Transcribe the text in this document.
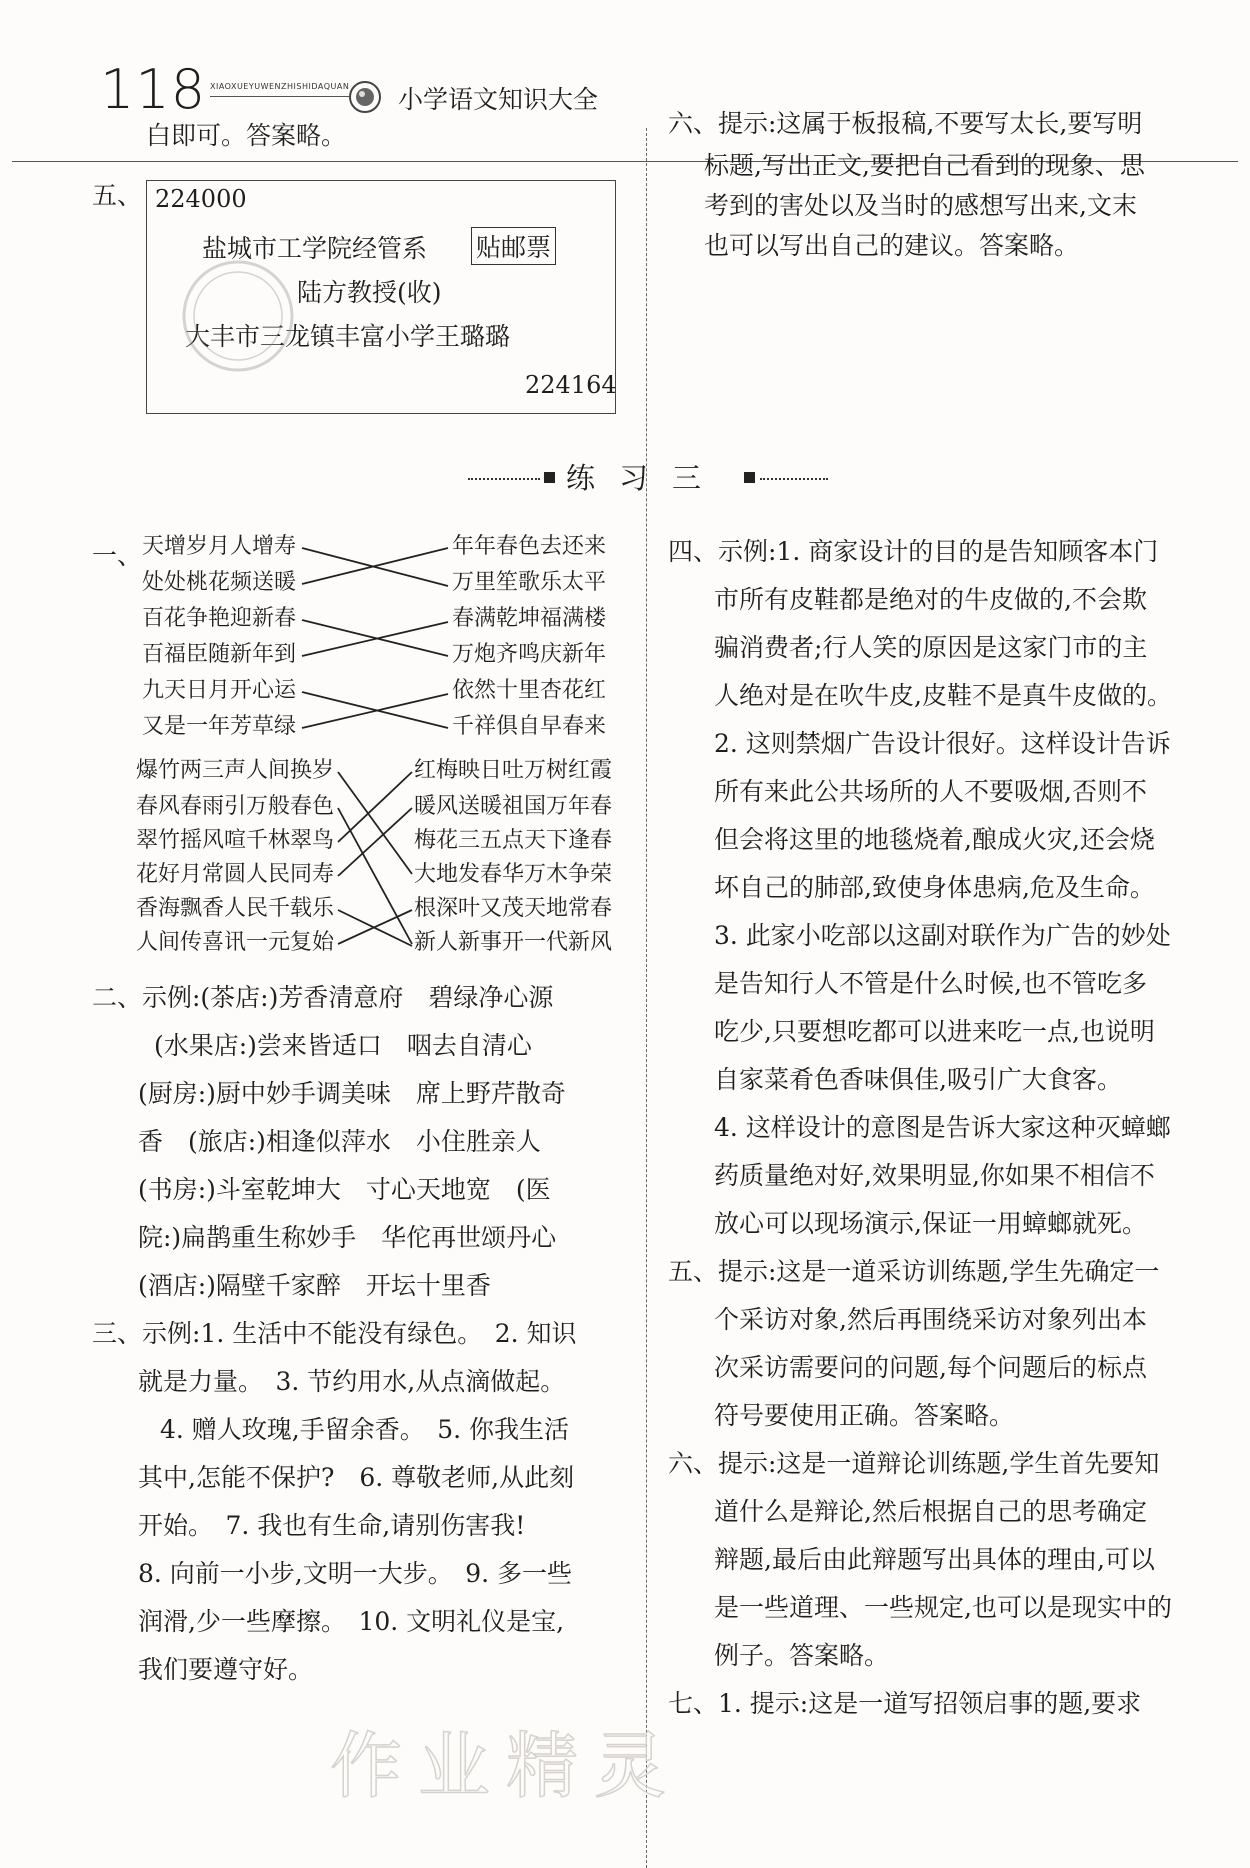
118 XIAOXUEYUWENZHISHIDAQUAN 小学语文知识大全
白即可。答案略。
五、 224000
盐城市工学院经管系 贴邮票
陆方教授(收)
大丰市三龙镇丰富小学王璐璐
224164
六、提示:这属于板报稿,不要写太长,要写明
标题,写出正文,要把自己看到的现象、思
考到的害处以及当时的感想写出来,文末
也可以写出自己的建议。答案略。
练习三
一、 天增岁月人增寿
处处桃花频送暖
百花争艳迎新春
百福臣随新年到
九天日月开心运
又是一年芳草绿
年年春色去还来
万里笙歌乐太平
春满乾坤福满楼
万炮齐鸣庆新年
依然十里杏花红
千祥俱自早春来
爆竹两三声人间换岁
春风春雨引万般春色
翠竹摇风喧千林翠鸟
花好月常圆人民同寿
香海飘香人民千载乐
人间传喜讯一元复始
红梅映日吐万树红霞
暖风送暖祖国万年春
梅花三五点天下逢春
大地发春华万木争荣
根深叶又茂天地常春
新人新事开一代新风
二、示例:(茶店:)芳香清意府　碧绿净心源
(水果店:)尝来皆适口　咽去自清心
(厨房:)厨中妙手调美味　席上野芹散奇
香　(旅店:)相逢似萍水　小住胜亲人
(书房:)斗室乾坤大　寸心天地宽　(医
院:)扁鹊重生称妙手　华佗再世颂丹心
(酒店:)隔壁千家醉　开坛十里香
三、示例:1. 生活中不能没有绿色。　2. 知识
就是力量。　3. 节约用水,从点滴做起。
4. 赠人玫瑰,手留余香。　5. 你我生活
其中,怎能不保护?　6. 尊敬老师,从此刻
开始。　7. 我也有生命,请别伤害我!
8. 向前一小步,文明一大步。　9. 多一些
润滑,少一些摩擦。　10. 文明礼仪是宝,
我们要遵守好。
四、示例:1. 商家设计的目的是告知顾客本门
市所有皮鞋都是绝对的牛皮做的,不会欺
骗消费者;行人笑的原因是这家门市的主
人绝对是在吹牛皮,皮鞋不是真牛皮做的。
2. 这则禁烟广告设计很好。这样设计告诉
所有来此公共场所的人不要吸烟,否则不
但会将这里的地毯烧着,酿成火灾,还会烧
坏自己的肺部,致使身体患病,危及生命。
3. 此家小吃部以这副对联作为广告的妙处
是告知行人不管是什么时候,也不管吃多
吃少,只要想吃都可以进来吃一点,也说明
自家菜肴色香味俱佳,吸引广大食客。
4. 这样设计的意图是告诉大家这种灭蟑螂
药质量绝对好,效果明显,你如果不相信不
放心可以现场演示,保证一用蟑螂就死。
五、提示:这是一道采访训练题,学生先确定一
个采访对象,然后再围绕采访对象列出本
次采访需要问的问题,每个问题后的标点
符号要使用正确。答案略。
六、提示:这是一道辩论训练题,学生首先要知
道什么是辩论,然后根据自己的思考确定
辩题,最后由此辩题写出具体的理由,可以
是一些道理、一些规定,也可以是现实中的
例子。答案略。
七、1. 提示:这是一道写招领启事的题,要求
作业精灵
